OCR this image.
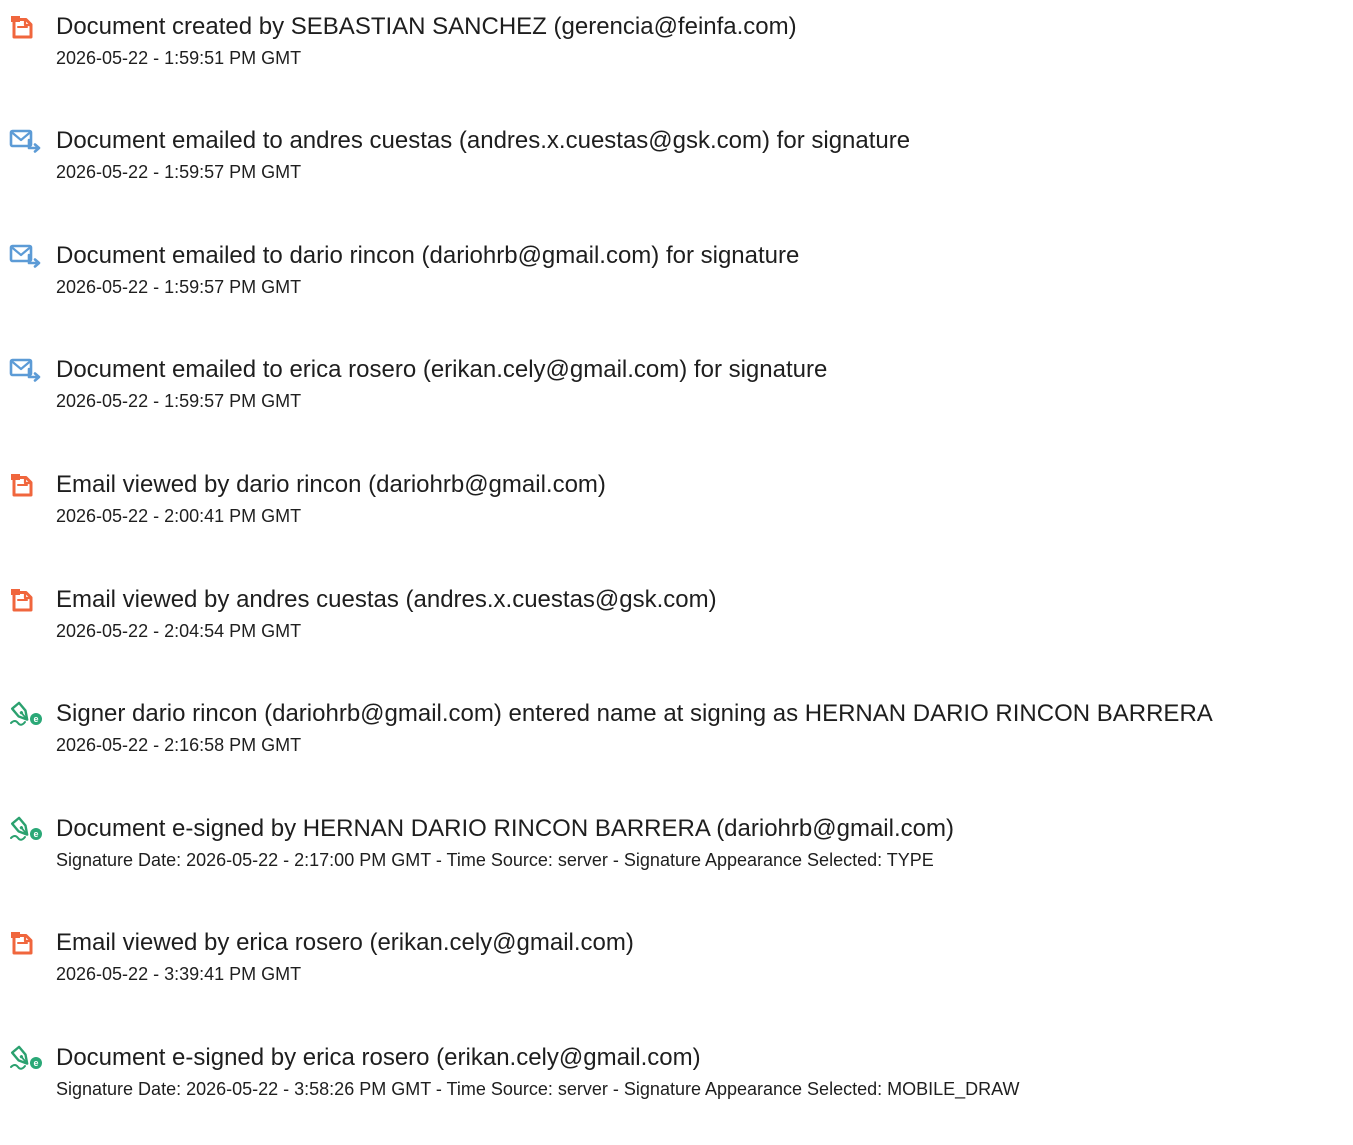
Document created by SEBASTIAN SANCHEZ (gerencia@feinfa.com)
2026-05-22 - 1:59:51 PM GMT
Document emailed to andres cuestas (andres.x.cuestas@gsk.com) for signature
2026-05-22 - 1:59:57 PM GMT
Document emailed to dario rincon (dariohrb@gmail.com) for signature
2026-05-22 - 1:59:57 PM GMT
Document emailed to erica rosero (erikan.cely@gmail.com) for signature
2026-05-22 - 1:59:57 PM GMT
Email viewed by dario rincon (dariohrb@gmail.com)
2026-05-22 - 2:00:41 PM GMT
Email viewed by andres cuestas (andres.x.cuestas@gsk.com)
2026-05-22 - 2:04:54 PM GMT
e Signer dario rincon (dariohrb@gmail.com) entered name at signing as HERNAN DARIO RINCON BARRERA
2026-05-22 - 2:16:58 PM GMT
e Document e-signed by HERNAN DARIO RINCON BARRERA (dariohrb@gmail.com)
Signature Date: 2026-05-22 - 2:17:00 PM GMT - Time Source: server - Signature Appearance Selected: TYPE
Email viewed by erica rosero (erikan.cely@gmail.com)
2026-05-22 - 3:39:41 PM GMT
e Document e-signed by erica rosero (erikan.cely@gmail.com)
Signature Date: 2026-05-22 - 3:58:26 PM GMT - Time Source: server - Signature Appearance Selected: MOBILE_DRAW
